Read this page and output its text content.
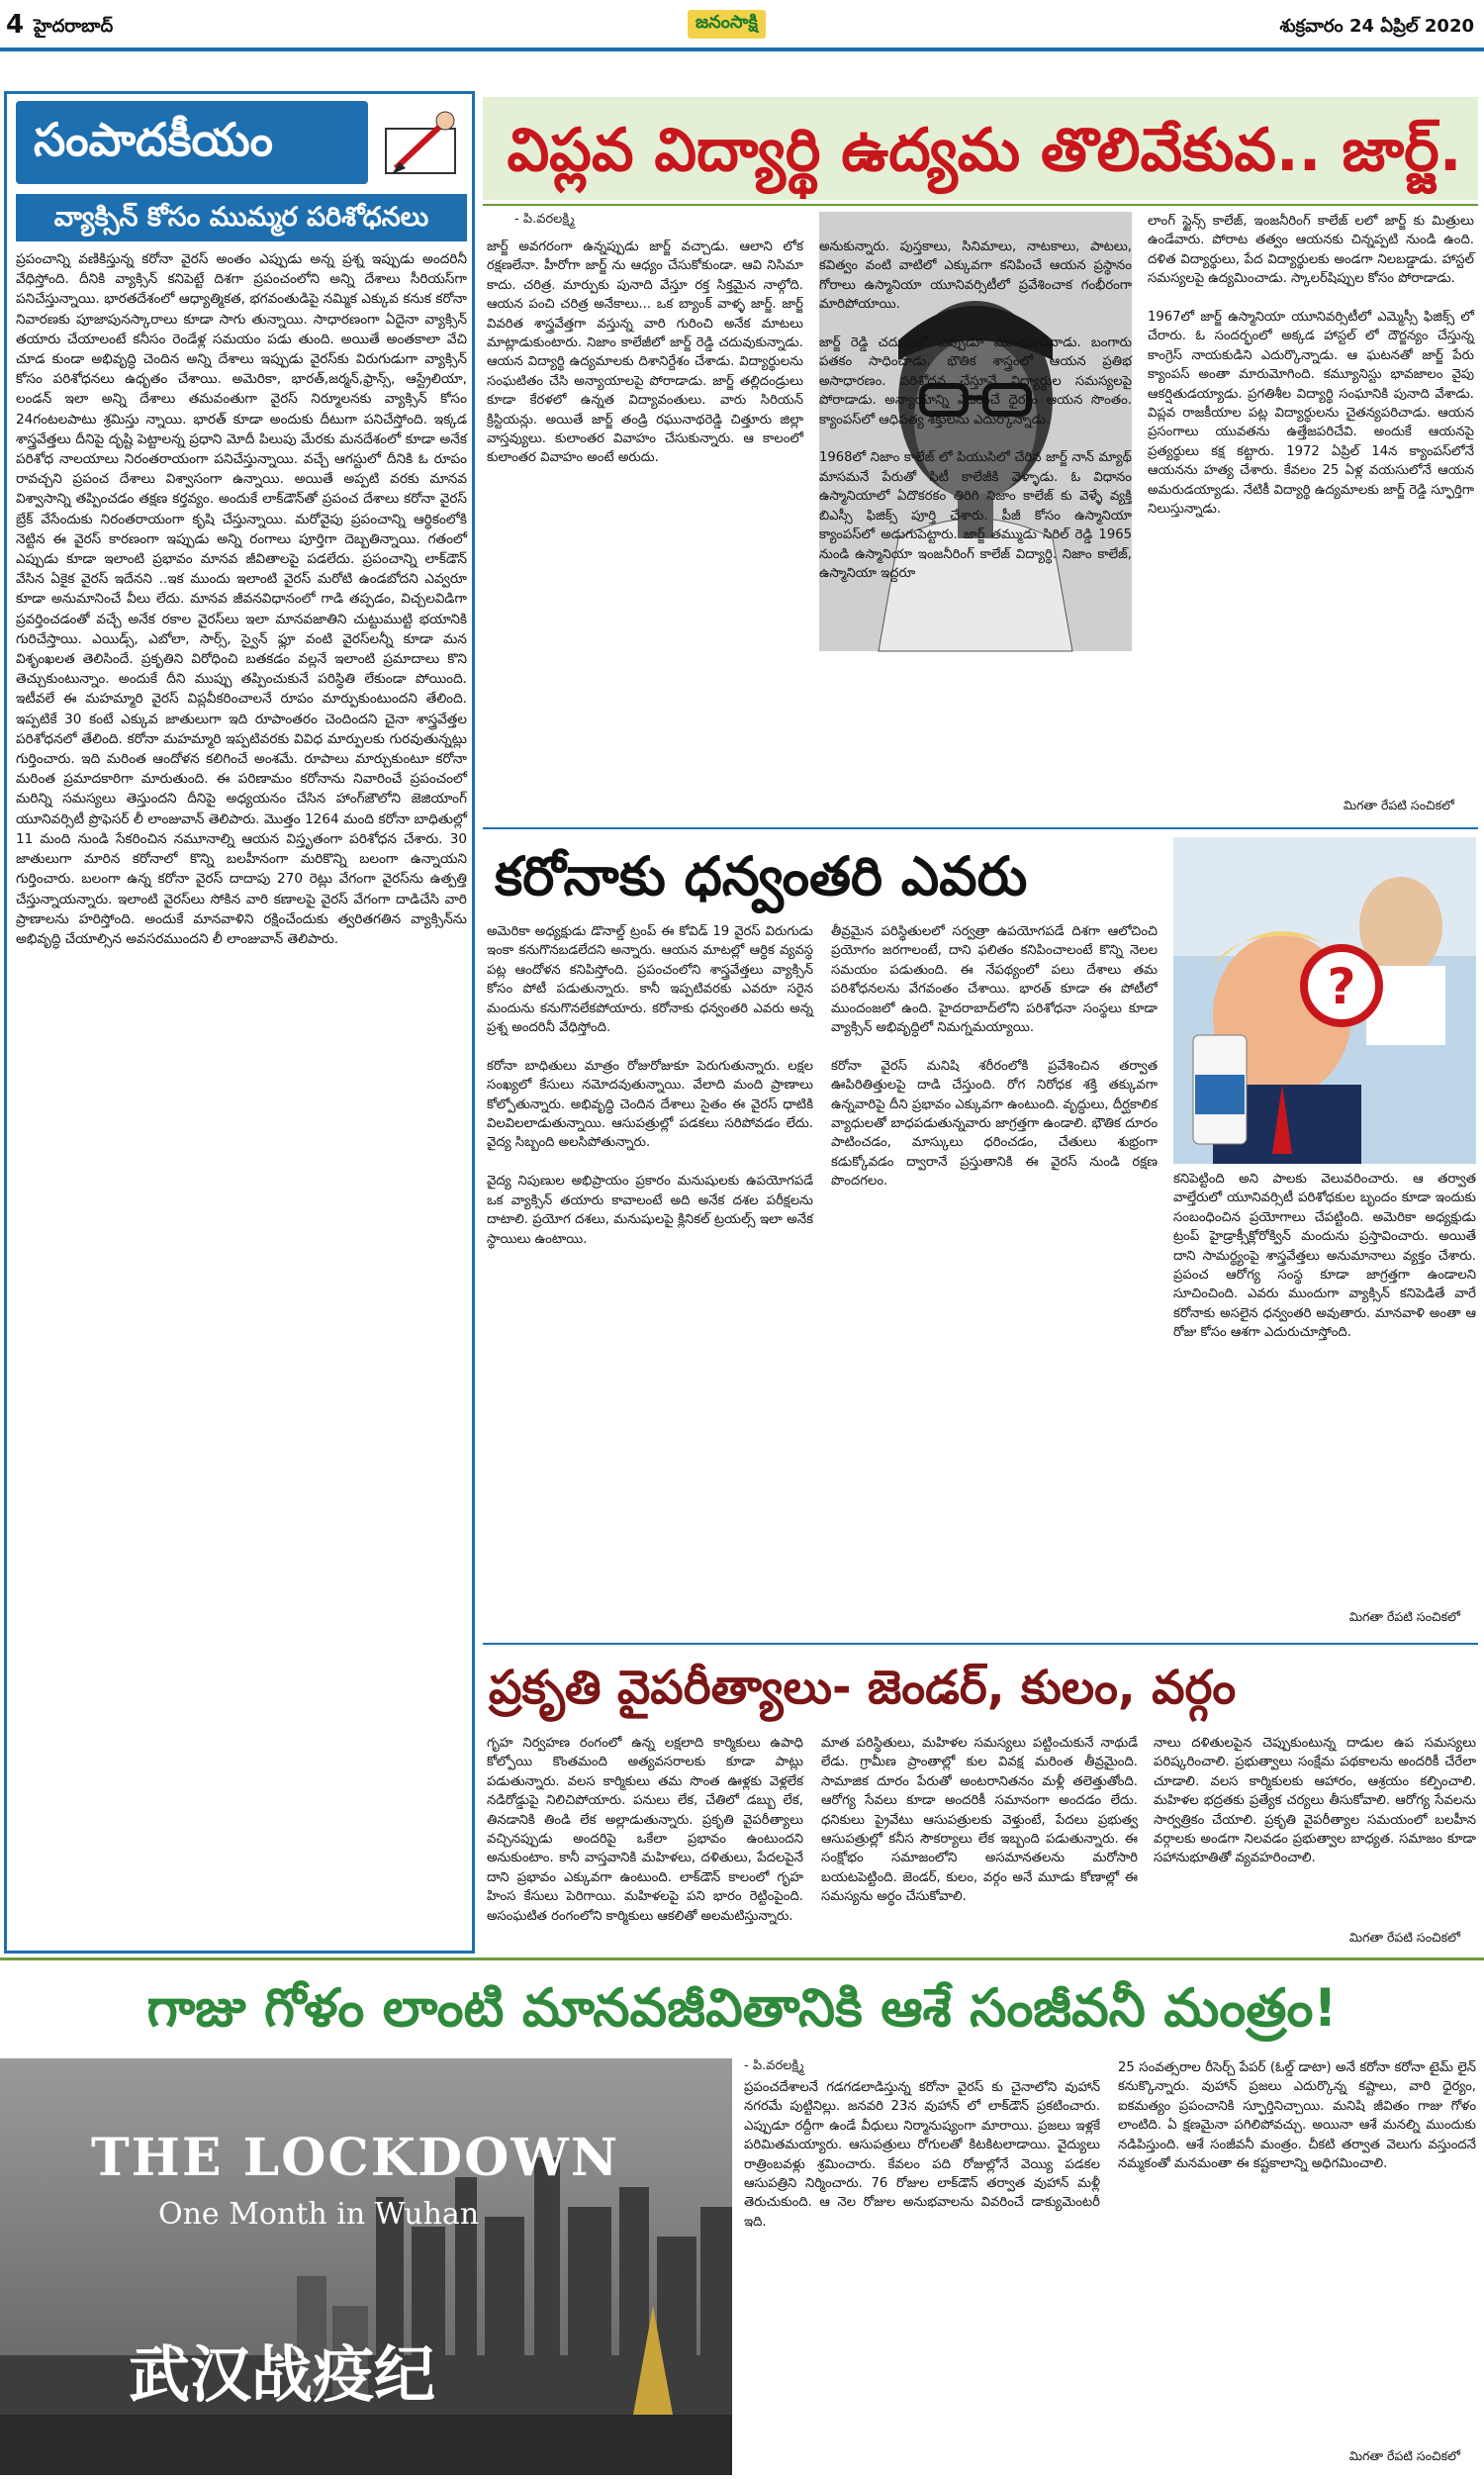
4 హైదరాబాద్	జనంసాక్షి	శుక్రవారం 24 ఏప్రిల్ 2020
సంపాదకీయం
వ్యాక్సిన్ కోసం ముమ్మర పరిశోధనలు
ప్రపంచాన్ని వణికిస్తున్న కరోనా వైరస్ అంతం ఎప్పుడు అన్న ప్రశ్న ఇప్పుడు అందరినీ వేధిస్తోంది. దీనికి వ్యాక్సిన్ కనిపెట్టే దిశగా ప్రపంచంలోని అన్ని దేశాలు సీరియస్‌గా పనిచేస్తున్నాయి. భారతదేశంలో ఆధ్యాత్మికత, భగవంతుడిపై నమ్మిక ఎక్కువ కనుక కరోనా నివారణకు పూజాపునస్కారాలు కూడా సాగు తున్నాయి. సాధారణంగా ఏదైనా వ్యాక్సిన్ తయారు చేయాలంటే కనీసం రెండేళ్ల సమయం పడు తుంది. అయితే అంతకాలా వేచి చూడ కుండా అభివృద్ధి చెందిన అన్ని దేశాలు ఇప్పుడు వైరస్‌కు విరుగుడుగా వ్యాక్సిన్ కోసం పరిశోధనలు ఉధృతం చేశాయి. అమెరికా, భారత్,జర్మన్,ఫ్రాన్స్, ఆస్ట్రేలియా, లండన్ ఇలా అన్ని దేశాలు తమవంతుగా వైరస్ నిర్మూలనకు వ్యాక్సిన్ కోసం 24గంటలపాటు శ్రమిస్తు న్నాయి. భారత్ కూడా అందుకు దీటుగా పనిచేస్తోంది. ఇక్కడ శాస్త్రవేత్తలు దీనిపై దృష్టి పెట్టాలన్న ప్రధాని మోదీ పిలుపు మేరకు మనదేశంలో కూడా అనేక పరిశోధ నాలయాలు నిరంతరాయంగా పనిచేస్తున్నాయి. వచ్చే ఆగస్టులో దీనికి ఓ రూపం రావచ్చని ప్రపంచ దేశాలు విశ్వాసంగా ఉన్నాయి. అయితే అప్పటి వరకు మానవ విశ్వాసాన్ని తప్పించడం తక్షణ కర్తవ్యం. అందుకే లాక్‌డౌన్‌తో ప్రపంచ దేశాలు కరోనా వైరస్ బ్రేక్ వేసేందుకు నిరంతరాయంగా కృషి చేస్తున్నాయి. మరోవైపు ప్రపంచాన్ని ఆర్థికంలోకి నెట్టిన ఈ వైరస్ కారణంగా ఇప్పుడు అన్ని రంగాలు పూర్తిగా దెబ్బతిన్నాయి. గతంలో ఎప్పుడు కూడా ఇలాంటి ప్రభావం మానవ జీవితాలపై పడలేదు. ప్రపంచాన్ని లాక్‌డౌన్ వేసిన ఏకైక వైరస్ ఇదేనని ..ఇక ముందు ఇలాంటి వైరస్ మరోటి ఉండబోదని ఎవ్వరూ కూడా అనుమానించే వీలు లేదు. మానవ జీవనవిధానంలో గాడి తప్పడం, విచ్చలవిడిగా ప్రవర్తించడంతో వచ్చే అనేక రకాల వైరస్‌లు ఇలా మానవజాతిని చుట్టుముట్టి భయానికి గురిచేస్తాయి. ఎయిడ్స్, ఎబోలా, సార్స్, స్వైన్ ఫ్లూ వంటి వైరస్‌లన్నీ కూడా మన విశృంఖలత తెలిసిందే. ప్రకృతిని విరోధించి బతకడం వల్లనే ఇలాంటి ప్రమాదాలు కొని తెచ్చుకుంటున్నాం. అందుకే దీని ముప్పు తప్పించుకునే పరిస్థితి లేకుండా పోయింది. ఇటీవలే ఈ మహమ్మారి వైరస్ విప్లవీకరించాలనే రూపం మార్పుకుంటుందని తేలింది. ఇప్పటికే 30 కంటే ఎక్కువ జాతులుగా ఇది రూపాంతరం చెందిందని చైనా శాస్త్రవేత్తల పరిశోధనలో తేలింది. కరోనా మహమ్మారి ఇప్పటివరకు వివిధ మార్పులకు గురవుతున్నట్లు గుర్తించారు. ఇది మరింత ఆందోళన కలిగించే అంశమే. రూపాలు మార్చుకుంటూ కరోనా మరింత ప్రమాదకారిగా మారుతుంది. ఈ పరిణామం కరోనాను నివారించే ప్రపంచంలో మరిన్ని సమస్యలు తెస్తుందని దీనిపై అధ్యయనం చేసిన హాంగ్‌జౌలోని జెజియాంగ్ యూనివర్సిటీ ప్రొఫెసర్ లీ లాంజువాన్ తెలిపారు. మొత్తం 1264 మంది కరోనా బాధితుల్లో 11 మంది నుండి సేకరించిన నమూనాల్ని ఆయన విస్తృతంగా పరిశోధన చేశారు. 30 జాతులుగా మారిన కరోనాలో కొన్ని బలహీనంగా మరికొన్ని బలంగా ఉన్నాయని గుర్తించారు. బలంగా ఉన్న కరోనా వైరస్ దాదాపు 270 రెట్లు వేగంగా వైరస్‌ను ఉత్పత్తి చేస్తున్నాయన్నారు. ఇలాంటి వైరస్‌లు సోకిన వారి కణాలపై వైరస్ వేగంగా దాడిచేసి వారి ప్రాణాలను హరిస్తోంది. అందుకే మానవాళిని రక్షించేందుకు త్వరితగతిన వ్యాక్సిన్‌ను అభివృద్ధి చేయాల్సిన అవసరముందని లీ లాంజువాన్ తెలిపారు.
విప్లవ విద్యార్థి ఉద్యమ తొలివేకువ.. జార్జ్.
- పి.వరలక్ష్మి
జార్జ్ అవగరంగా ఉన్నప్పుడు జార్జ్ వచ్చాడు. ఆలాని లోక రక్షణలేనా. హీరోగా జార్జ్ ను ఆధ్యం చేసుకోకుండా. ఆవి నిసిమా కాదు. చరిత్ర. మార్పుకు పునాది వేస్తూ రక్త సిక్తమైన నాల్గోది. ఆయన పంచి చరిత్ర అనేకాలు... ఒక బ్యాంక్ వాళ్ళ జార్జ్. జార్జ్ వివరిత శాస్త్రవేత్తగా వస్తున్న వారి గురించి అనేక మాటలు మాట్లాడుకుంటారు. నిజాం కాలేజీలో జార్జ్ రెడ్డి చదువుకున్నాడు. ఆయన విద్యార్థి ఉద్యమాలకు దిశానిర్దేశం చేశాడు. విద్యార్థులను సంఘటితం చేసి అన్యాయాలపై పోరాడాడు. జార్జ్ తల్లిదండ్రులు కూడా కేరళలో ఉన్నత విద్యావంతులు. వారు సిరియన్ క్రిస్టియన్లు. అయితే జార్జ్ తండ్రి రఘునాథరెడ్డి చిత్తూరు జిల్లా వాస్తవ్యులు. కులాంతర వివాహం చేసుకున్నారు. ఆ కాలంలో కులాంతర వివాహం అంటే అరుదు.
అనుకున్నారు. పుస్తకాలు, సినిమాలు, నాటకాలు, పాటలు, కవిత్వం వంటి వాటిలో ఎక్కువగా కనిపించే ఆయన ప్రస్థానం గోరాలు ఉస్మానియా యూనివర్సిటీలో ప్రవేశించాక గంభీరంగా మారిపోయాయి.

జార్జ్ రెడ్డి చదువులో ఎప్పుడూ ముందుండేవాడు. బంగారు పతకం సాధించాడు. భౌతిక శాస్త్రంలో ఆయన ప్రతిభ అసాధారణం. పరిశోధన చేస్తూనే విద్యార్థుల సమస్యలపై పోరాడాడు. అన్యాయాన్ని ఎదిరించే ధైర్యం ఆయన సొంతం. క్యాంపస్‌లో ఆధిపత్య శక్తులను ఎదుర్కొన్నాడు.

1968లో నిజాం కాలేజ్ లో పియుసిలో చేరిన జార్జ్ నాన్ మ్యాథ్ మాసమనే పేరుతో సిటీ కాలేజీకి వెళ్ళాడు. ఓ విధానం ఉస్మానియాలో ఏదొకరకం తిరిగి నిజాం కాలేజ్ కు వెళ్ళే వ్యక్తి బిఎస్సీ ఫిజిక్స్ పూర్తి చేశారు. పీజీ కోసం ఉస్మానియా క్యాంపస్‌లో అడుగుపెట్టారు. జార్జ్ తమ్ముడు సిరిల్ రెడ్డి 1965 నుండి ఉస్మానియా ఇంజనీరింగ్ కాలేజ్ విద్యార్థి. నిజాం కాలేజ్, ఉస్మానియా ఇద్దరూ
లాంగ్ స్టైన్స్ కాలేజ్, ఇంజనీరింగ్ కాలేజ్ లలో జార్జ్ కు మిత్రులు ఉండేవారు. పోరాట తత్వం ఆయనకు చిన్నప్పటి నుండి ఉంది. దళిత విద్యార్థులు, పేద విద్యార్థులకు అండగా నిలబడ్డాడు. హాస్టల్ సమస్యలపై ఉద్యమించాడు. స్కాలర్‌షిప్పుల కోసం పోరాడాడు.

1967లో జార్జ్ ఉస్మానియా యూనివర్సిటీలో ఎమ్మెస్సీ ఫిజిక్స్ లో చేరారు. ఓ సందర్భంలో అక్కడ హాస్టల్ లో దౌర్జన్యం చేస్తున్న కాంగ్రెస్ నాయకుడిని ఎదుర్కొన్నాడు. ఆ ఘటనతో జార్జ్ పేరు క్యాంపస్ అంతా మారుమోగింది. కమ్యూనిస్టు భావజాలం వైపు ఆకర్షితుడయ్యాడు. ప్రగతిశీల విద్యార్థి సంఘానికి పునాది వేశాడు. విప్లవ రాజకీయాల పట్ల విద్యార్థులను చైతన్యపరిచాడు. ఆయన ప్రసంగాలు యువతను ఉత్తేజపరిచేవి. అందుకే ఆయనపై ప్రత్యర్థులు కక్ష కట్టారు. 1972 ఏప్రిల్ 14న క్యాంపస్‌లోనే ఆయనను హత్య చేశారు. కేవలం 25 ఏళ్ల వయసులోనే ఆయన అమరుడయ్యాడు. నేటికీ విద్యార్థి ఉద్యమాలకు జార్జ్ రెడ్డి స్ఫూర్తిగా నిలుస్తున్నాడు.
మిగతా రేపటి సంచికలో
కరోనాకు ధన్వంతరి ఎవరు
?
అమెరికా అధ్యక్షుడు డొనాల్డ్ ట్రంప్ ఈ కోవిడ్ 19 వైరస్ విరుగుడు ఇంకా కనుగొనబడలేదని అన్నారు. ఆయన మాటల్లో ఆర్థిక వ్యవస్థ పట్ల ఆందోళన కనిపిస్తోంది. ప్రపంచంలోని శాస్త్రవేత్తలు వ్యాక్సిన్ కోసం పోటీ పడుతున్నారు. కానీ ఇప్పటివరకు ఎవరూ సరైన మందును కనుగొనలేకపోయారు. కరోనాకు ధన్వంతరి ఎవరు అన్న ప్రశ్న అందరినీ వేధిస్తోంది.

కరోనా బాధితులు మాత్రం రోజురోజుకూ పెరుగుతున్నారు. లక్షల సంఖ్యలో కేసులు నమోదవుతున్నాయి. వేలాది మంది ప్రాణాలు కోల్పోతున్నారు. అభివృద్ధి చెందిన దేశాలు సైతం ఈ వైరస్ ధాటికి విలవిలలాడుతున్నాయి. ఆసుపత్రుల్లో పడకలు సరిపోవడం లేదు. వైద్య సిబ్బంది అలసిపోతున్నారు.

వైద్య నిపుణుల అభిప్రాయం ప్రకారం మనుషులకు ఉపయోగపడే ఒక వ్యాక్సిన్ తయారు కావాలంటే అది అనేక దశల పరీక్షలను దాటాలి. ప్రయోగ దశలు, మనుషులపై క్లినికల్ ట్రయల్స్ ఇలా అనేక స్థాయిలు ఉంటాయి.
తీవ్రమైన పరిస్థితులలో సర్వత్రా ఉపయోగపడే దిశగా ఆలోచించి ప్రయోగం జరగాలంటే, దాని ఫలితం కనిపించాలంటే కొన్ని నెలల సమయం పడుతుంది. ఈ నేపథ్యంలో పలు దేశాలు తమ పరిశోధనలను వేగవంతం చేశాయి. భారత్ కూడా ఈ పోటీలో ముందంజలో ఉంది. హైదరాబాద్‌లోని పరిశోధనా సంస్థలు కూడా వ్యాక్సిన్ అభివృద్ధిలో నిమగ్నమయ్యాయి.

కరోనా వైరస్ మనిషి శరీరంలోకి ప్రవేశించిన తర్వాత ఊపిరితిత్తులపై దాడి చేస్తుంది. రోగ నిరోధక శక్తి తక్కువగా ఉన్నవారిపై దీని ప్రభావం ఎక్కువగా ఉంటుంది. వృద్ధులు, దీర్ఘకాలిక వ్యాధులతో బాధపడుతున్నవారు జాగ్రత్తగా ఉండాలి. భౌతిక దూరం పాటించడం, మాస్కులు ధరించడం, చేతులు శుభ్రంగా కడుక్కోవడం ద్వారానే ప్రస్తుతానికి ఈ వైరస్ నుండి రక్షణ పొందగలం.	కనిపెట్టింది అని పాలకు వెలువరించారు. ఆ తర్వాత వాల్తేరులో యూనివర్సిటీ పరిశోధకుల బృందం కూడా ఇందుకు సంబంధించిన ప్రయోగాలు చేపట్టింది. అమెరికా అధ్యక్షుడు ట్రంప్ హైడ్రాక్సీక్లోరోక్విన్ మందును ప్రస్తావించారు. అయితే దాని సామర్థ్యంపై శాస్త్రవేత్తలు అనుమానాలు వ్యక్తం చేశారు. ప్రపంచ ఆరోగ్య సంస్థ కూడా జాగ్రత్తగా ఉండాలని సూచించింది. ఎవరు ముందుగా వ్యాక్సిన్ కనిపెడితే వారే కరోనాకు అసలైన ధన్వంతరి అవుతారు. మానవాళి అంతా ఆ రోజు కోసం ఆశగా ఎదురుచూస్తోంది.
మిగతా రేపటి సంచికలో
ప్రకృతి వైపరీత్యాలు- జెండర్, కులం, వర్గం
గృహ నిర్వహణ రంగంలో ఉన్న లక్షలాది కార్మికులు ఉపాధి కోల్పోయి కొంతమంది అత్యవసరాలకు కూడా పాట్లు పడుతున్నారు. వలస కార్మికులు తమ సొంత ఊళ్లకు వెళ్లలేక నడిరోడ్డుపై నిలిచిపోయారు. పనులు లేక, చేతిలో డబ్బు లేక, తినడానికి తిండి లేక అల్లాడుతున్నారు. ప్రకృతి వైపరీత్యాలు వచ్చినప్పుడు అందరిపై ఒకేలా ప్రభావం ఉంటుందని అనుకుంటాం. కానీ వాస్తవానికి మహిళలు, దళితులు, పేదలపైనే దాని ప్రభావం ఎక్కువగా ఉంటుంది. లాక్‌డౌన్ కాలంలో గృహ హింస కేసులు పెరిగాయి. మహిళలపై పని భారం రెట్టింపైంది. అసంఘటిత రంగంలోని కార్మికులు ఆకలితో అలమటిస్తున్నారు.
మాత పరిస్థితులు, మహిళల సమస్యలు పట్టించుకునే నాథుడే లేడు. గ్రామీణ ప్రాంతాల్లో కుల వివక్ష మరింత తీవ్రమైంది. సామాజిక దూరం పేరుతో అంటరానితనం మళ్లీ తలెత్తుతోంది. ఆరోగ్య సేవలు కూడా అందరికీ సమానంగా అందడం లేదు. ధనికులు ప్రైవేటు ఆసుపత్రులకు వెళ్తుంటే, పేదలు ప్రభుత్వ ఆసుపత్రుల్లో కనీస సౌకర్యాలు లేక ఇబ్బంది పడుతున్నారు. ఈ సంక్షోభం సమాజంలోని అసమానతలను మరోసారి బయటపెట్టింది. జెండర్, కులం, వర్గం అనే మూడు కోణాల్లో ఈ సమస్యను అర్థం చేసుకోవాలి.
నాలు దళితులపైన చెప్పుకుంటున్న దాడుల ఉప సమస్యలు పరిష్కరించాలి. ప్రభుత్వాలు సంక్షేమ పథకాలను అందరికీ చేరేలా చూడాలి. వలస కార్మికులకు ఆహారం, ఆశ్రయం కల్పించాలి. మహిళల భద్రతకు ప్రత్యేక చర్యలు తీసుకోవాలి. ఆరోగ్య సేవలను సార్వత్రికం చేయాలి. ప్రకృతి వైపరీత్యాల సమయంలో బలహీన వర్గాలకు అండగా నిలవడం ప్రభుత్వాల బాధ్యత. సమాజం కూడా సహానుభూతితో వ్యవహరించాలి.
మిగతా రేపటి సంచికలో
గాజు గోళం లాంటి మానవజీవితానికి ఆశే సంజీవనీ మంత్రం!
THE LOCKDOWN
One Month in Wuhan
武汉战疫纪
- పి.వరలక్ష్మి
ప్రపంచదేశాలనే గడగడలాడిస్తున్న కరోనా వైరస్ కు చైనాలోని వుహాన్ నగరమే పుట్టినిల్లు. జనవరి 23న వుహాన్ లో లాక్‌డౌన్ ప్రకటించారు. ఎప్పుడూ రద్దీగా ఉండే వీధులు నిర్మానుష్యంగా మారాయి. ప్రజలు ఇళ్లకే పరిమితమయ్యారు. ఆసుపత్రులు రోగులతో కిటకిటలాడాయి. వైద్యులు రాత్రింబవళ్లు శ్రమించారు. కేవలం పది రోజుల్లోనే వెయ్యి పడకల ఆసుపత్రిని నిర్మించారు. 76 రోజుల లాక్‌డౌన్ తర్వాత వుహాన్ మళ్లీ తెరుచుకుంది. ఆ నెల రోజుల అనుభవాలను వివరించే డాక్యుమెంటరీ ఇది.
25 సంవత్సరాల రీసెర్చ్ పేపర్ (ఓల్డ్ డాటా) అనే కరోనా కరోనా టైమ్ లైన్ కనుక్కొన్నారు. వుహాన్ ప్రజలు ఎదుర్కొన్న కష్టాలు, వారి ధైర్యం, ఐకమత్యం ప్రపంచానికి స్ఫూర్తినిచ్చాయి. మనిషి జీవితం గాజు గోళం లాంటిది. ఏ క్షణమైనా పగిలిపోవచ్చు. అయినా ఆశే మనల్ని ముందుకు నడిపిస్తుంది. ఆశే సంజీవనీ మంత్రం. చీకటి తర్వాత వెలుగు వస్తుందనే నమ్మకంతో మనమంతా ఈ కష్టకాలాన్ని అధిగమించాలి.
మిగతా రేపటి సంచికలో
